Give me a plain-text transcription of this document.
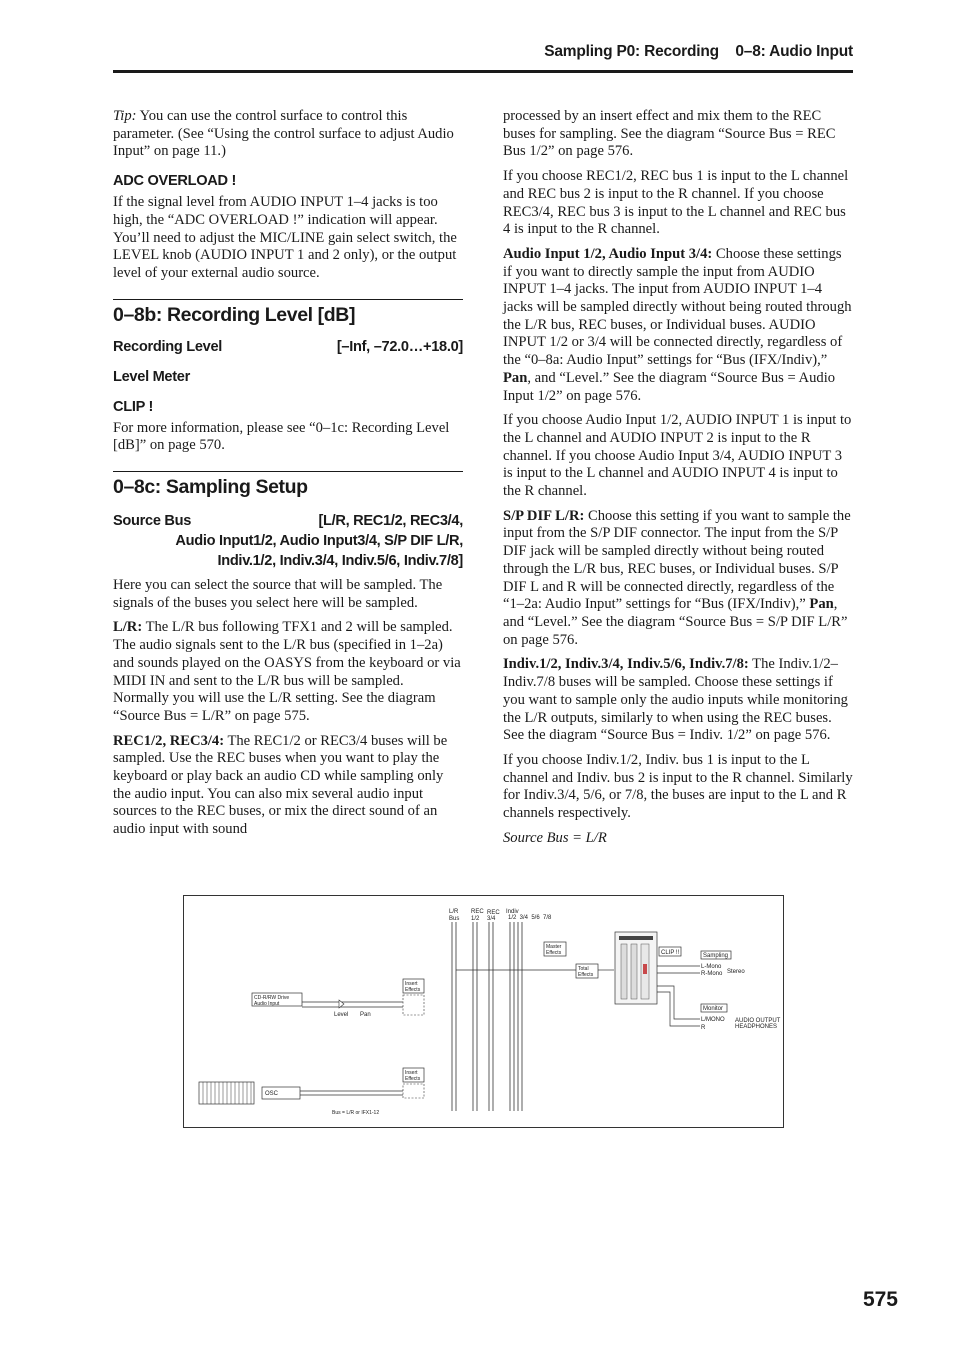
Sampling P0: Recording    0–8: Audio Input

Tip: You can use the control surface to control this parameter. (See “Using the control surface to adjust Audio Input” on page 11.)

ADC OVERLOAD !

If the signal level from AUDIO INPUT 1–4 jacks is too high, the “ADC OVERLOAD !” indication will appear. You’ll need to adjust the MIC/LINE gain select switch, the LEVEL knob (AUDIO INPUT 1 and 2 only), or the output level of your external audio source.

0–8b: Recording Level [dB]
Recording Level	[–Inf, –72.0…+18.0]
Level Meter
CLIP !

For more information, please see “0–1c: Recording Level [dB]” on page 570.

0–8c: Sampling Setup
Source Bus	[L/R, REC1/2, REC3/4,
Audio Input1/2, Audio Input3/4, S/P DIF L/R,
Indiv.1/2, Indiv.3/4, Indiv.5/6, Indiv.7/8]

Here you can select the source that will be sampled. The signals of the buses you select here will be sampled.

L/R: The L/R bus following TFX1 and 2 will be sampled. The audio signals sent to the L/R bus (specified in 1–2a) and sounds played on the OASYS from the keyboard or via MIDI IN and sent to the L/R bus will be sampled. Normally you will use the L/R setting. See the diagram “Source Bus = L/R” on page 575.

REC1/2, REC3/4: The REC1/2 or REC3/4 buses will be sampled. Use the REC buses when you want to play the keyboard or play back an audio CD while sampling only the audio input. You can also mix several audio input sources to the REC buses, or mix the direct sound of an audio input with sound

processed by an insert effect and mix them to the REC buses for sampling. See the diagram “Source Bus = REC Bus 1/2” on page 576.

If you choose REC1/2, REC bus 1 is input to the L channel and REC bus 2 is input to the R channel. If you choose REC3/4, REC bus 3 is input to the L channel and REC bus 4 is input to the R channel.

Audio Input 1/2, Audio Input 3/4: Choose these settings if you want to directly sample the input from AUDIO INPUT 1–4 jacks. The input from AUDIO INPUT 1–4 jacks will be sampled directly without being routed through the L/R bus, REC buses, or Individual buses. AUDIO INPUT 1/2 or 3/4 will be connected directly, regardless of the “0–8a: Audio Input” settings for “Bus (IFX/Indiv),” Pan, and “Level.” See the diagram “Source Bus = Audio Input 1/2” on page 576.

If you choose Audio Input 1/2, AUDIO INPUT 1 is input to the L channel and AUDIO INPUT 2 is input to the R channel. If you choose Audio Input 3/4, AUDIO INPUT 3 is input to the L channel and AUDIO INPUT 4 is input to the R channel.

S/P DIF L/R: Choose this setting if you want to sample the input from the S/P DIF connector. The input from the S/P DIF jack will be sampled directly without being routed through the L/R bus, REC buses, or Individual buses. S/P DIF L and R will be connected directly, regardless of the “1–2a: Audio Input” settings for “Bus (IFX/Indiv),” Pan, and “Level.” See the diagram “Source Bus = S/P DIF L/R” on page 576.

Indiv.1/2, Indiv.3/4, Indiv.5/6, Indiv.7/8: The Indiv.1/2–Indiv.7/8 buses will be sampled. Choose these settings if you want to sample only the audio inputs while monitoring the L/R outputs, similarly to when using the REC buses. See the diagram “Source Bus = Indiv. 1/2” on page 576.

If you choose Indiv.1/2, Indiv. bus 1 is input to the L channel and Indiv. bus 2 is input to the R channel. Similarly for Indiv.3/4, 5/6, or 7/8, the buses are input to the L and R channels respectively.

Source Bus = L/R

L/R
Bus
REC
1/2
REC
3/4
Indiv
1/2  3/4  5/6  7/8
Master
Effects
Total
Effects
CLIP !!	Sampling
L-Mono
R-Mono Stereo
Monitor
L/MONO
R
AUDIO OUTPUT
HEADPHONES
Insert
Effects
CD-R/RW Drive
Audio Input
Level Pan
Insert
Effects
OSC
Bus = L/R or IFX1-12
575
